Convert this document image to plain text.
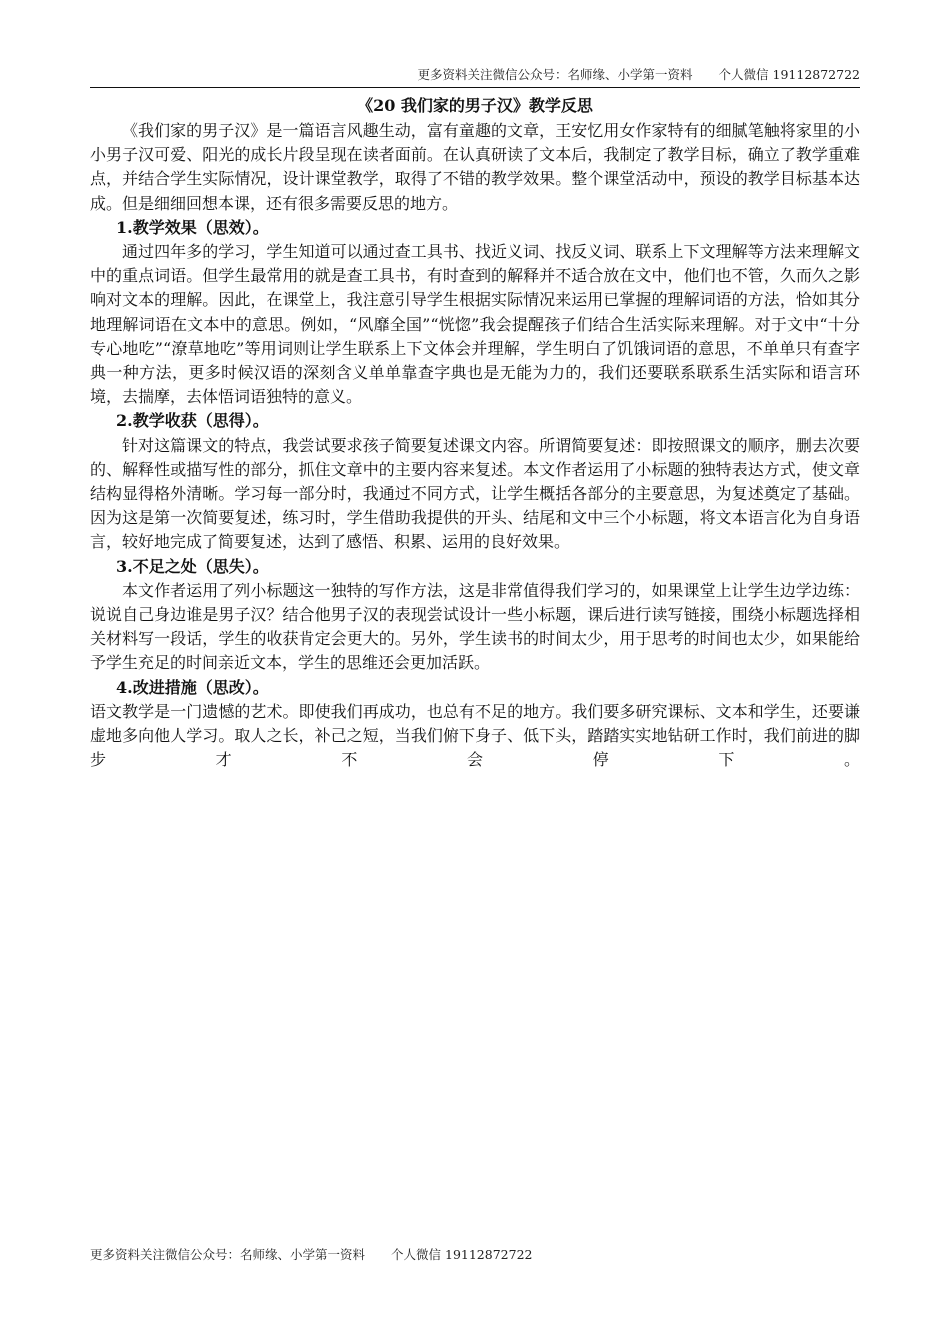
更多资料关注微信公众号：名师缘、小学第一资料 个人微信 19112872722
《20 我们家的男子汉》教学反思

《我们家的男子汉》是一篇语言风趣生动，富有童趣的文章，王安忆用女作家特有的细腻笔触将家里的小小男子汉可爱、阳光的成长片段呈现在读者面前。在认真研读了文本后，我制定了教学目标，确立了教学重难点，并结合学生实际情况，设计课堂教学，取得了不错的教学效果。整个课堂活动中，预设的教学目标基本达成。但是细细回想本课，还有很多需要反思的地方。

1.教学效果（思效）。

通过四年多的学习，学生知道可以通过查工具书、找近义词、找反义词、联系上下文理解等方法来理解文中的重点词语。但学生最常用的就是查工具书，有时查到的解释并不适合放在文中，他们也不管，久而久之影响对文本的理解。因此，在课堂上，我注意引导学生根据实际情况来运用已掌握的理解词语的方法，恰如其分地理解词语在文本中的意思。例如，“风靡全国”“恍惚”我会提醒孩子们结合生活实际来理解。对于文中“十分专心地吃”“潦草地吃”等用词则让学生联系上下文体会并理解，学生明白了饥饿词语的意思，不单单只有查字典一种方法，更多时候汉语的深刻含义单单靠查字典也是无能为力的，我们还要联系联系生活实际和语言环境，去揣摩，去体悟词语独特的意义。

2.教学收获（思得）。

针对这篇课文的特点，我尝试要求孩子简要复述课文内容。所谓简要复述：即按照课文的顺序，删去次要的、解释性或描写性的部分，抓住文章中的主要内容来复述。本文作者运用了小标题的独特表达方式，使文章结构显得格外清晰。学习每一部分时，我通过不同方式，让学生概括各部分的主要意思，为复述奠定了基础。因为这是第一次简要复述，练习时，学生借助我提供的开头、结尾和文中三个小标题，将文本语言化为自身语言，较好地完成了简要复述，达到了感悟、积累、运用的良好效果。

3.不足之处（思失）。

本文作者运用了列小标题这一独特的写作方法，这是非常值得我们学习的，如果课堂上让学生边学边练：说说自己身边谁是男子汉？结合他男子汉的表现尝试设计一些小标题，课后进行读写链接，围绕小标题选择相关材料写一段话，学生的收获肯定会更大的。另外，学生读书的时间太少，用于思考的时间也太少，如果能给予学生充足的时间亲近文本，学生的思维还会更加活跃。

4.改进措施（思改）。

语文教学是一门遗憾的艺术。即使我们再成功，也总有不足的地方。我们要多研究课标、文本和学生，还要谦虚地多向他人学习。取人之长，补己之短，当我们俯下身子、低下头，踏踏实实地钻研工作时，我们前进的脚步才不会停下。

更多资料关注微信公众号：名师缘、小学第一资料 个人微信 19112872722
